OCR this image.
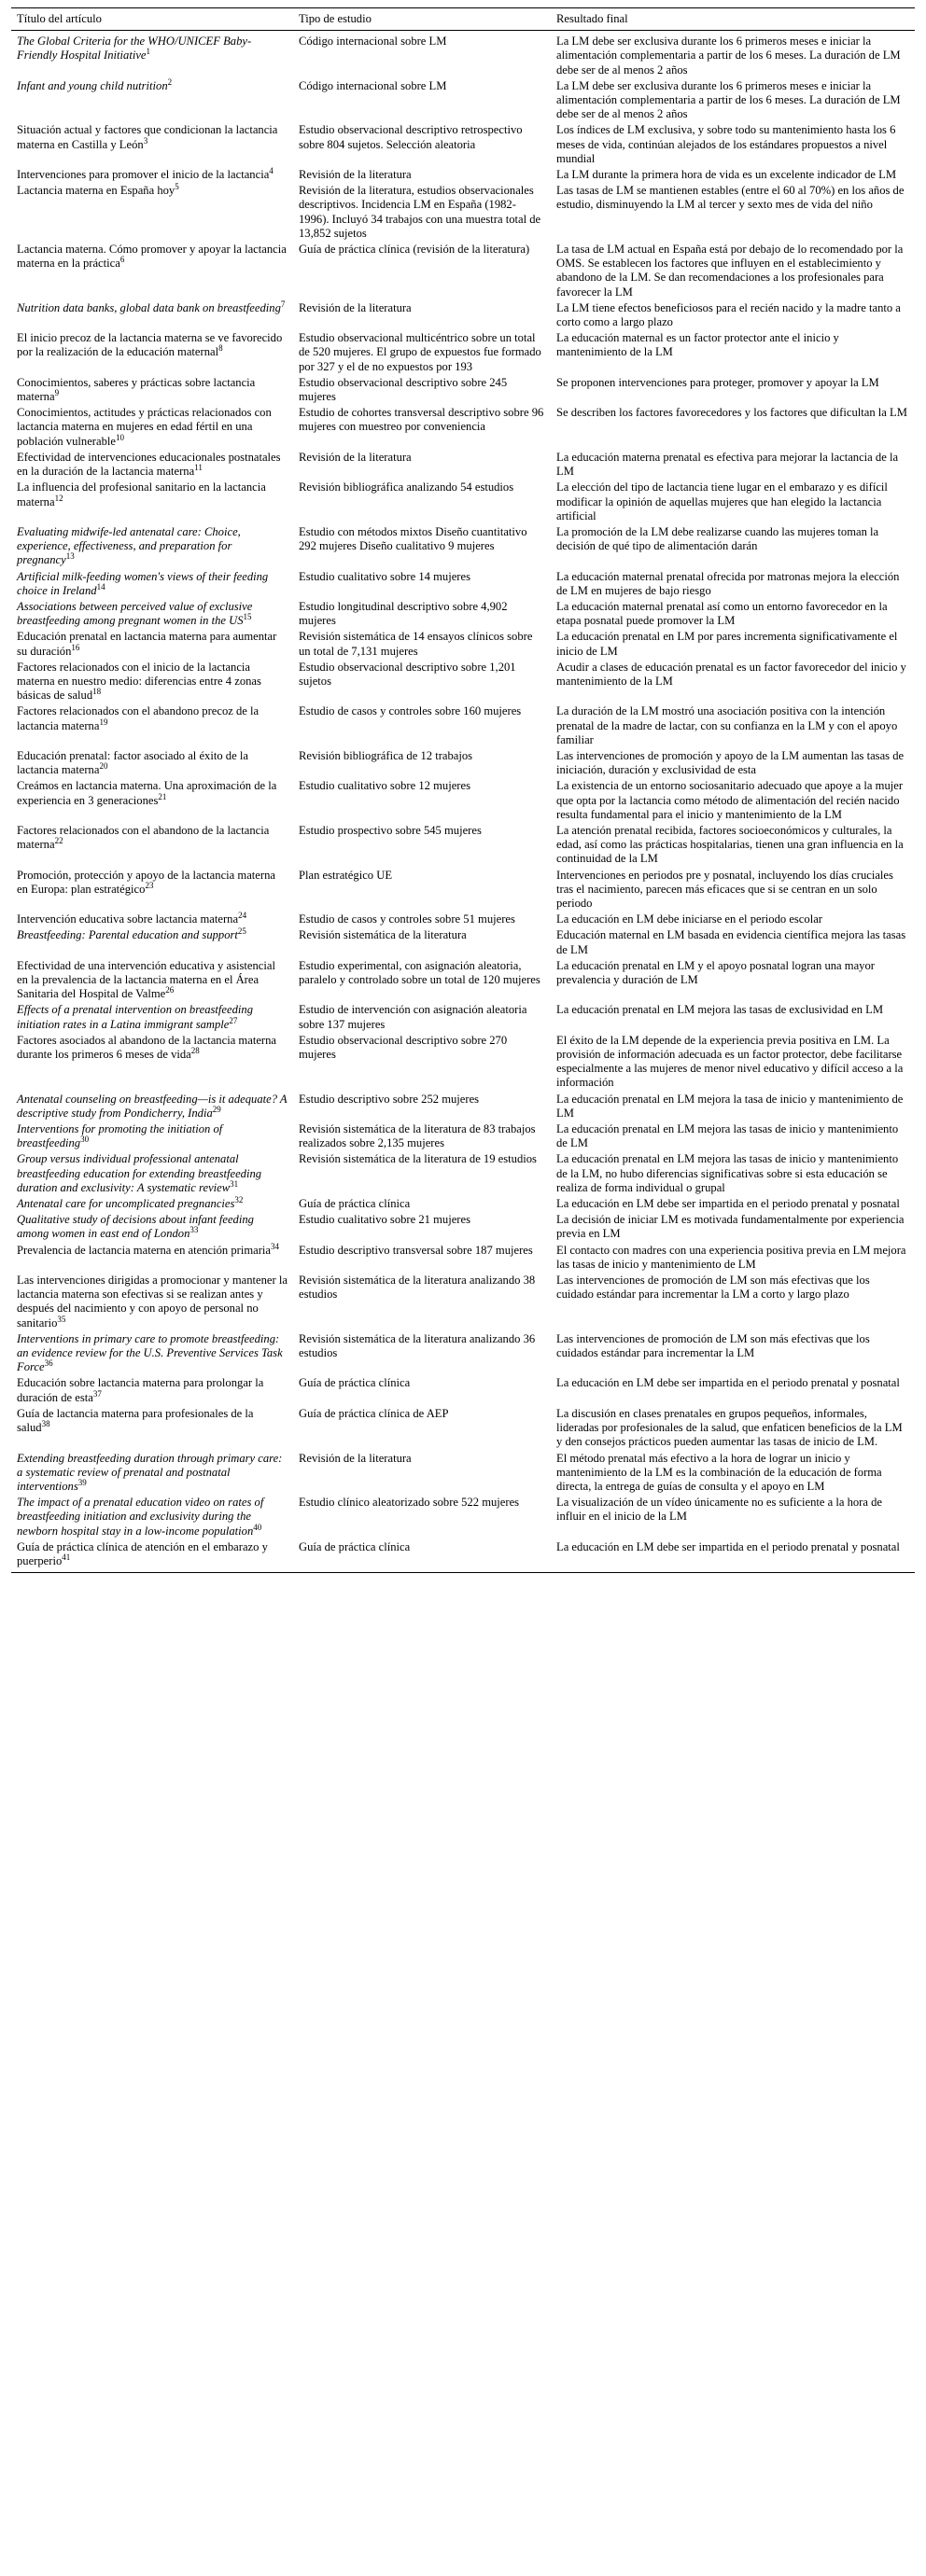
Título del artículo	Tipo de estudio	Resultado final
The Global Criteria for the WHO/UNICEF Baby-Friendly Hospital Initiative$^1$	Código internacional sobre LM	La LM debe ser exclusiva durante los 6 primeros meses e iniciar la alimentación complementaria a partir de los 6 meses. La duración de LM debe ser de al menos 2 años
Infant and young child nutrition$^2$	Código internacional sobre LM	La LM debe ser exclusiva durante los 6 primeros meses e iniciar la alimentación complementaria a partir de los 6 meses. La duración de LM debe ser de al menos 2 años
Situación actual y factores que condicionan la lactancia materna en Castilla y León$^3$	Estudio observacional descriptivo retrospectivo sobre 804 sujetos. Selección aleatoria	Los índices de LM exclusiva, y sobre todo su mantenimiento hasta los 6 meses de vida, continúan alejados de los estándares propuestos a nivel mundial
Intervenciones para promover el inicio de la lactancia$^4$	Revisión de la literatura	La LM durante la primera hora de vida es un excelente indicador de LM
Lactancia materna en España hoy$^5$	Revisión de la literatura, estudios observacionales descriptivos. Incidencia LM en España (1982-1996). Incluyó 34 trabajos con una muestra total de 13,852 sujetos	Las tasas de LM se mantienen estables (entre el 60 al 70%) en los años de estudio, disminuyendo la LM al tercer y sexto mes de vida del niño
Lactancia materna. Cómo promover y apoyar la lactancia materna en la práctica$^6$	Guía de práctica clínica (revisión de la literatura)	La tasa de LM actual en España está por debajo de lo recomendado por la OMS. Se establecen los factores que influyen en el establecimiento y abandono de la LM. Se dan recomendaciones a los profesionales para favorecer la LM
Nutrition data banks, global data bank on breastfeeding$^7$	Revisión de la literatura	La LM tiene efectos beneficiosos para el recién nacido y la madre tanto a corto como a largo plazo
El inicio precoz de la lactancia materna se ve favorecido por la realización de la educación maternal$^8$	Estudio observacional multicéntrico sobre un total de 520 mujeres. El grupo de expuestos fue formado por 327 y el de no expuestos por 193	La educación maternal es un factor protector ante el inicio y mantenimiento de la LM
Conocimientos, saberes y prácticas sobre lactancia materna$^9$	Estudio observacional descriptivo sobre 245 mujeres	Se proponen intervenciones para proteger, promover y apoyar la LM
Conocimientos, actitudes y prácticas relacionados con lactancia materna en mujeres en edad fértil en una población vulnerable$^{10}$	Estudio de cohortes transversal descriptivo sobre 96 mujeres con muestreo por conveniencia	Se describen los factores favorecedores y los factores que dificultan la LM
Efectividad de intervenciones educacionales postnatales en la duración de la lactancia materna$^{11}$	Revisión de la literatura	La educación materna prenatal es efectiva para mejorar la lactancia de la LM
La influencia del profesional sanitario en la lactancia materna$^{12}$	Revisión bibliográfica analizando 54 estudios	La elección del tipo de lactancia tiene lugar en el embarazo y es difícil modificar la opinión de aquellas mujeres que han elegido la lactancia artificial
Evaluating midwife-led antenatal care: Choice, experience, effectiveness, and preparation for pregnancy$^{13}$	Estudio con métodos mixtos Diseño cuantitativo 292 mujeres Diseño cualitativo 9 mujeres	La promoción de la LM debe realizarse cuando las mujeres toman la decisión de qué tipo de alimentación darán
Artificial milk-feeding women's views of their feeding choice in Ireland$^{14}$	Estudio cualitativo sobre 14 mujeres	La educación maternal prenatal ofrecida por matronas mejora la elección de LM en mujeres de bajo riesgo
Associations between perceived value of exclusive breastfeeding among pregnant women in the US$^{15}$	Estudio longitudinal descriptivo sobre 4,902 mujeres	La educación maternal prenatal así como un entorno favorecedor en la etapa posnatal puede promover la LM
Educación prenatal en lactancia materna para aumentar su duración$^{16}$	Revisión sistemática de 14 ensayos clínicos sobre un total de 7,131 mujeres	La educación prenatal en LM por pares incrementa significativamente el inicio de LM
Factores relacionados con el inicio de la lactancia materna en nuestro medio: diferencias entre 4 zonas básicas de salud$^{18}$	Estudio observacional descriptivo sobre 1,201 sujetos	Acudir a clases de educación prenatal es un factor favorecedor del inicio y mantenimiento de la LM
Factores relacionados con el abandono precoz de la lactancia materna$^{19}$	Estudio de casos y controles sobre 160 mujeres	La duración de la LM mostró una asociación positiva con la intención prenatal de la madre de lactar, con su confianza en la LM y con el apoyo familiar
Educación prenatal: factor asociado al éxito de la lactancia materna$^{20}$	Revisión bibliográfica de 12 trabajos	Las intervenciones de promoción y apoyo de la LM aumentan las tasas de iniciación, duración y exclusividad de esta
Creámos en lactancia materna. Una aproximación de la experiencia en 3 generaciones$^{21}$	Estudio cualitativo sobre 12 mujeres	La existencia de un entorno sociosanitario adecuado que apoye a la mujer que opta por la lactancia como método de alimentación del recién nacido resulta fundamental para el inicio y mantenimiento de la LM
Factores relacionados con el abandono de la lactancia materna$^{22}$	Estudio prospectivo sobre 545 mujeres	La atención prenatal recibida, factores socioeconómicos y culturales, la edad, así como las prácticas hospitalarias, tienen una gran influencia en la continuidad de la LM
Promoción, protección y apoyo de la lactancia materna en Europa: plan estratégico$^{23}$	Plan estratégico UE	Intervenciones en periodos pre y posnatal, incluyendo los días cruciales tras el nacimiento, parecen más eficaces que si se centran en un solo periodo
Intervención educativa sobre lactancia materna$^{24}$	Estudio de casos y controles sobre 51 mujeres	La educación en LM debe iniciarse en el periodo escolar
Breastfeeding: Parental education and support$^{25}$	Revisión sistemática de la literatura	Educación maternal en LM basada en evidencia científica mejora las tasas de LM
Efectividad de una intervención educativa y asistencial en la prevalencia de la lactancia materna en el Área Sanitaria del Hospital de Valme$^{26}$	Estudio experimental, con asignación aleatoria, paralelo y controlado sobre un total de 120 mujeres	La educación prenatal en LM y el apoyo posnatal logran una mayor prevalencia y duración de LM
Effects of a prenatal intervention on breastfeeding initiation rates in a Latina immigrant sample$^{27}$	Estudio de intervención con asignación aleatoria sobre 137 mujeres	La educación prenatal en LM mejora las tasas de exclusividad en LM
Factores asociados al abandono de la lactancia materna durante los primeros 6 meses de vida$^{28}$	Estudio observacional descriptivo sobre 270 mujeres	El éxito de la LM depende de la experiencia previa positiva en LM. La provisión de información adecuada es un factor protector, debe facilitarse especialmente a las mujeres de menor nivel educativo y difícil acceso a la información
Antenatal counseling on breastfeeding—is it adequate? A descriptive study from Pondicherry, India$^{29}$	Estudio descriptivo sobre 252 mujeres	La educación prenatal en LM mejora la tasa de inicio y mantenimiento de LM
Interventions for promoting the initiation of breastfeeding$^{30}$	Revisión sistemática de la literatura de 83 trabajos realizados sobre 2,135 mujeres	La educación prenatal en LM mejora las tasas de inicio y mantenimiento de LM
Group versus individual professional antenatal breastfeeding education for extending breastfeeding duration and exclusivity: A systematic review$^{31}$	Revisión sistemática de la literatura de 19 estudios	La educación prenatal en LM mejora las tasas de inicio y mantenimiento de la LM, no hubo diferencias significativas sobre si esta educación se realiza de forma individual o grupal
Antenatal care for uncomplicated pregnancies$^{32}$	Guía de práctica clínica	La educación en LM debe ser impartida en el periodo prenatal y posnatal
Qualitative study of decisions about infant feeding among women in east end of London$^{33}$	Estudio cualitativo sobre 21 mujeres	La decisión de iniciar LM es motivada fundamentalmente por experiencia previa en LM
Prevalencia de lactancia materna en atención primaria$^{34}$	Estudio descriptivo transversal sobre 187 mujeres	El contacto con madres con una experiencia positiva previa en LM mejora las tasas de inicio y mantenimiento de LM
Las intervenciones dirigidas a promocionar y mantener la lactancia materna son efectivas si se realizan antes y después del nacimiento y con apoyo de personal no sanitario$^{35}$	Revisión sistemática de la literatura analizando 38 estudios	Las intervenciones de promoción de LM son más efectivas que los cuidado estándar para incrementar la LM a corto y largo plazo
Interventions in primary care to promote breastfeeding: an evidence review for the U.S. Preventive Services Task Force$^{36}$	Revisión sistemática de la literatura analizando 36 estudios	Las intervenciones de promoción de LM son más efectivas que los cuidados estándar para incrementar la LM
Educación sobre lactancia materna para prolongar la duración de esta$^{37}$	Guía de práctica clínica	La educación en LM debe ser impartida en el periodo prenatal y posnatal
Guía de lactancia materna para profesionales de la salud$^{38}$	Guía de práctica clínica de AEP	La discusión en clases prenatales en grupos pequeños, informales, lideradas por profesionales de la salud, que enfaticen beneficios de la LM y den consejos prácticos pueden aumentar las tasas de inicio de LM.
Extending breastfeeding duration through primary care: a systematic review of prenatal and postnatal interventions$^{39}$	Revisión de la literatura	El método prenatal más efectivo a la hora de lograr un inicio y mantenimiento de la LM es la combinación de la educación de forma directa, la entrega de guías de consulta y el apoyo en LM
The impact of a prenatal education video on rates of breastfeeding initiation and exclusivity during the newborn hospital stay in a low-income population$^{40}$	Estudio clínico aleatorizado sobre 522 mujeres	La visualización de un vídeo únicamente no es suficiente a la hora de influir en el inicio de la LM
Guía de práctica clínica de atención en el embarazo y puerperio$^{41}$	Guía de práctica clínica	La educación en LM debe ser impartida en el periodo prenatal y posnatal
